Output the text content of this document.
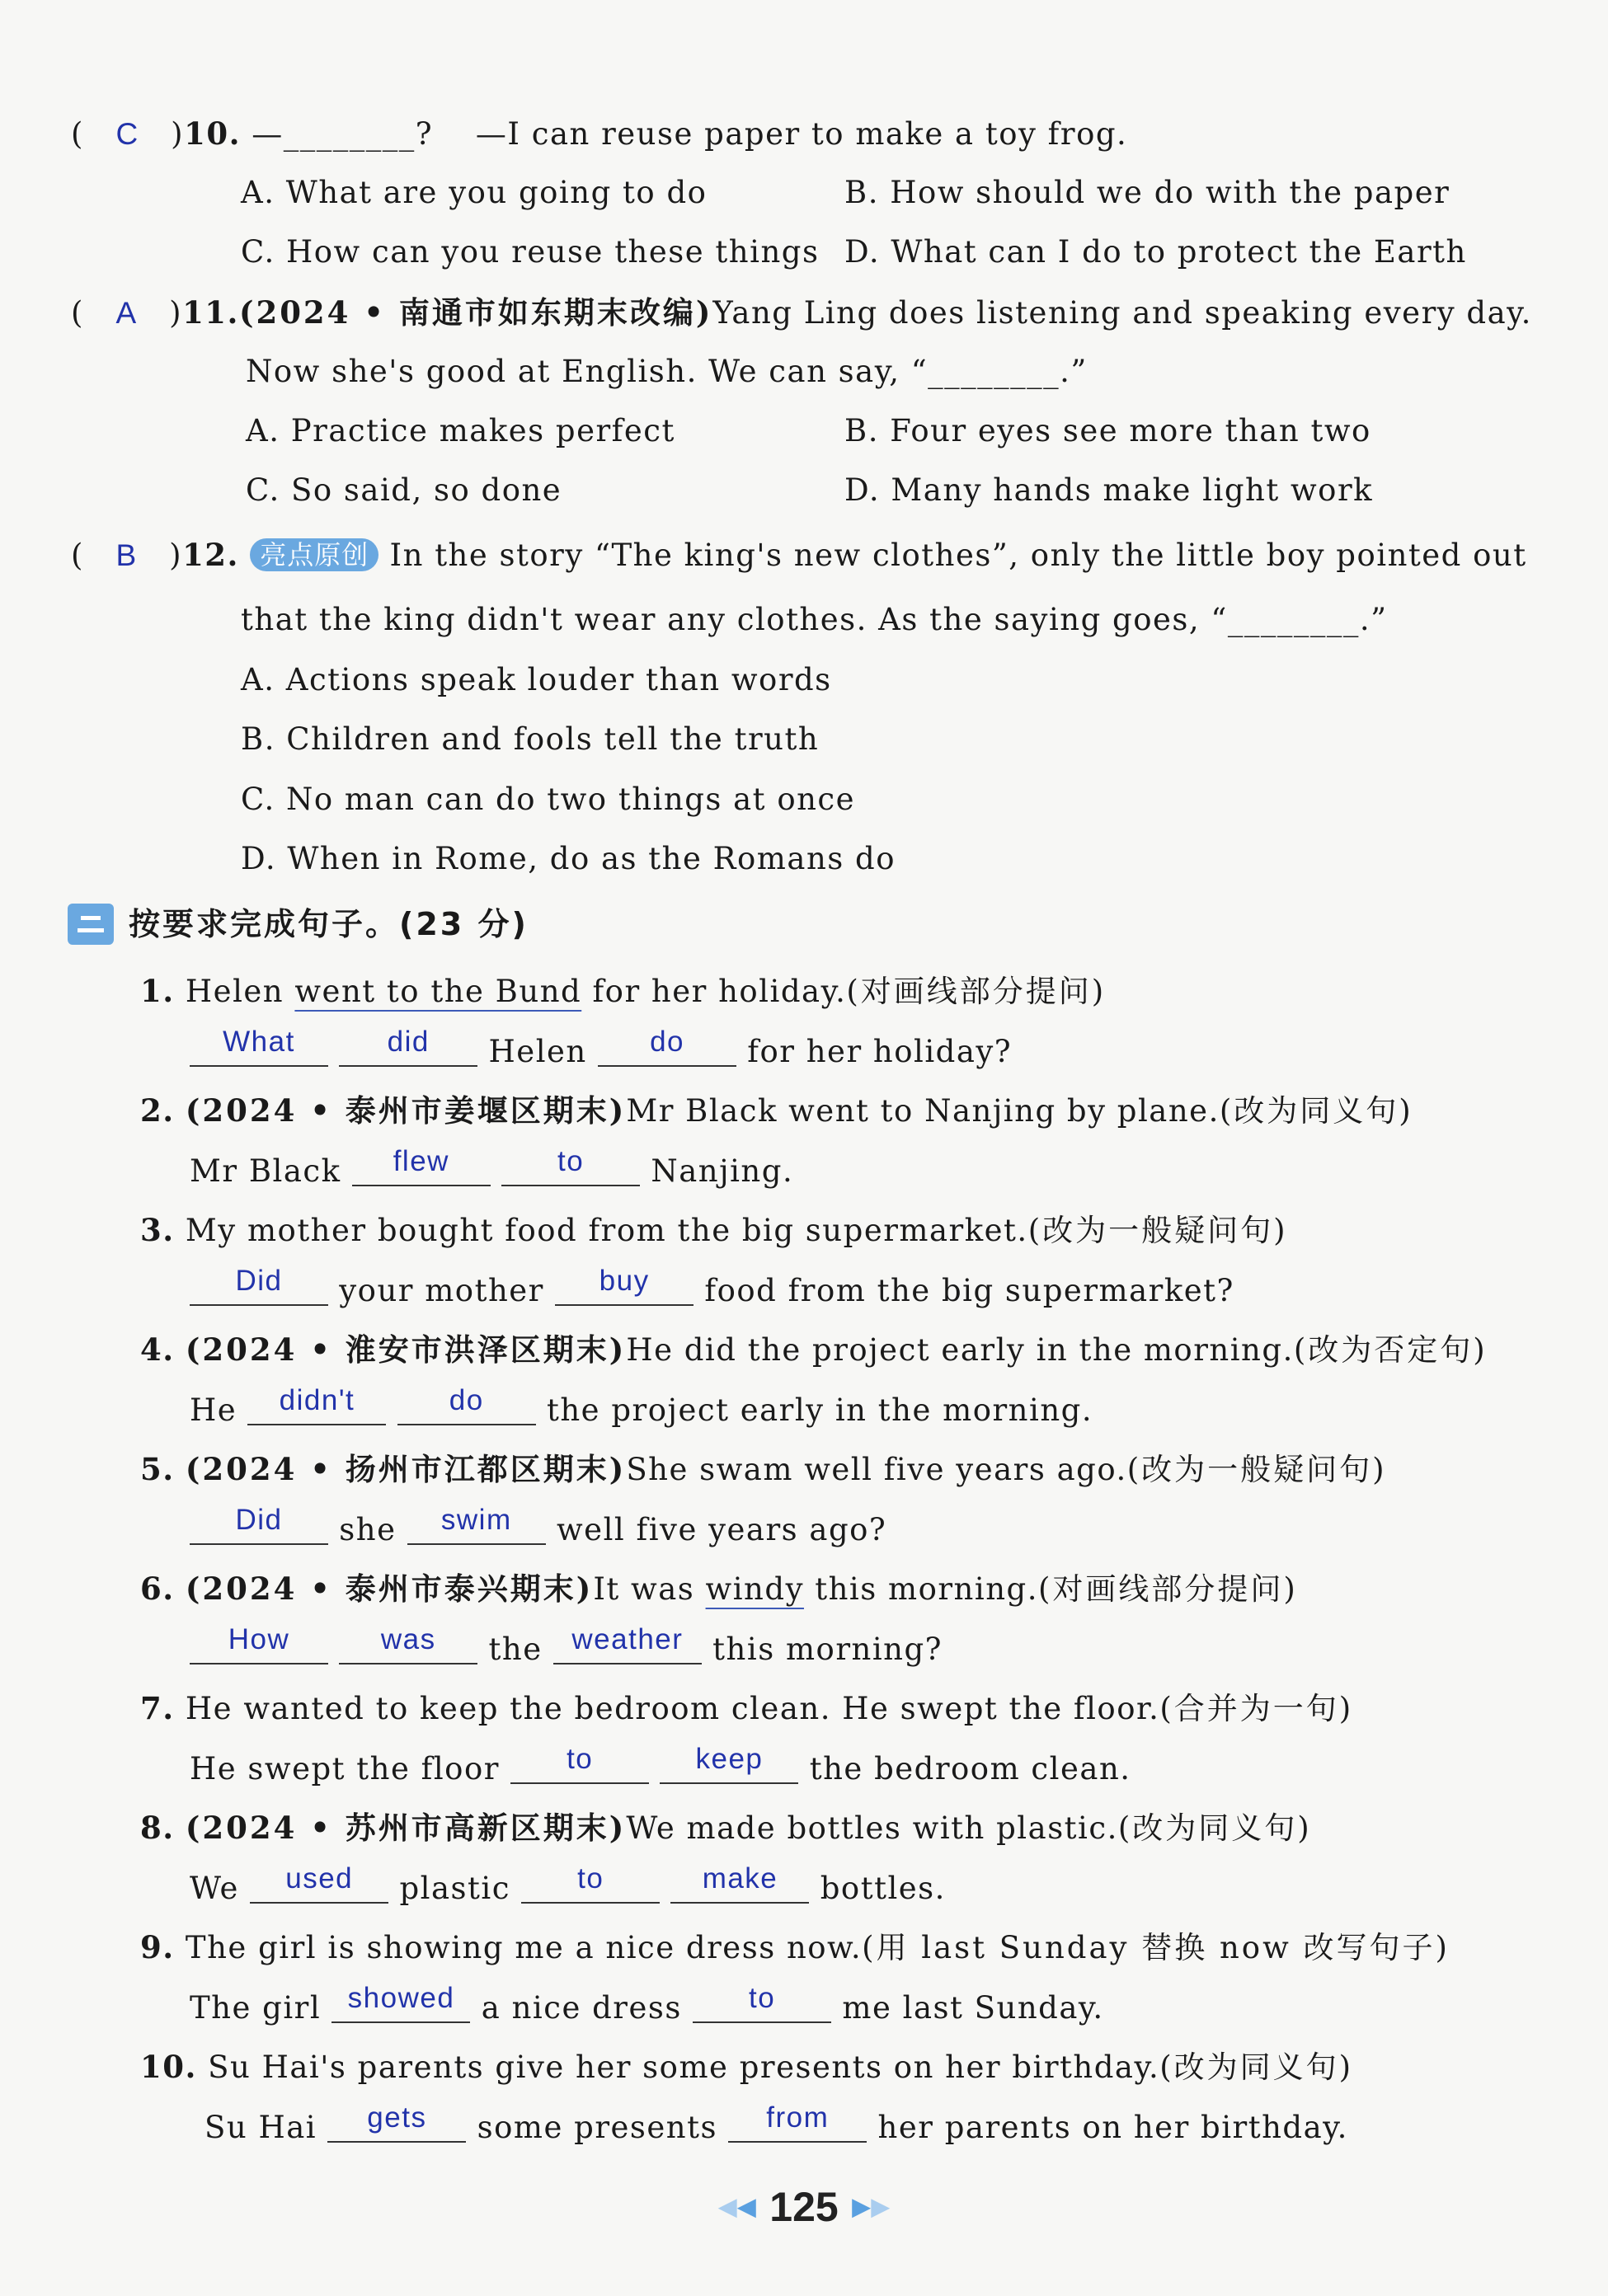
(　C　)10. —________?　 —I can reuse paper to make a toy frog.
A. What are you going to do	B. How should we do with the paper
C. How can you reuse these things D. What can I do to protect the Earth
(　A　)11.(2024 • 南通市如东期末改编)Yang Ling does listening and speaking every day.
Now she's good at English. We can say, “________.”
A. Practice makes perfect	B. Four eyes see more than two
C. So said, so done	D. Many hands make light work
(　B　)12. 亮点原创 In the story “The king's new clothes”, only the little boy pointed out
that the king didn't wear any clothes. As the saying goes, “________.”
A. Actions speak louder than words
B. Children and fools tell the truth
C. No man can do two things at once
D. When in Rome, do as the Romans do
按要求完成句子。(23 分)
1. Helen went to the Bund for her holiday.(对画线部分提问)
What
	did	Helen	do	for her holiday?
2. (2024 • 泰州市姜堰区期末)Mr Black went to Nanjing by plane.(改为同义句)
Mr Black	flew
	to	Nanjing.
3. My mother bought food from the big supermarket.(改为一般疑问句)
Did	your mother	buy	food from the big supermarket?
4. (2024 • 淮安市洪泽区期末)He did the project early in the morning.(改为否定句)
He	didn't
	do	the project early in the morning.
5. (2024 • 扬州市江都区期末)She swam well five years ago.(改为一般疑问句)
Did	she	swim	well five years ago?
6. (2024 • 泰州市泰兴期末)It was windy this morning.(对画线部分提问)
How
	was	the	weather this morning?
7. He wanted to keep the bedroom clean. He swept the floor.(合并为一句)
He swept the floor	to
	keep	the bedroom clean.
8. (2024 • 苏州市高新区期末)We made bottles with plastic.(改为同义句)
We	used	plastic	to
	make	bottles.
9. The girl is showing me a nice dress now.(用 last Sunday 替换 now 改写句子)
The girl showed a nice dress	to	me last Sunday.
10. Su Hai's parents give her some presents on her birthday.(改为同义句)
Su Hai	gets	some presents	from	her parents on her birthday.
◀◀ 125 ▶▶
